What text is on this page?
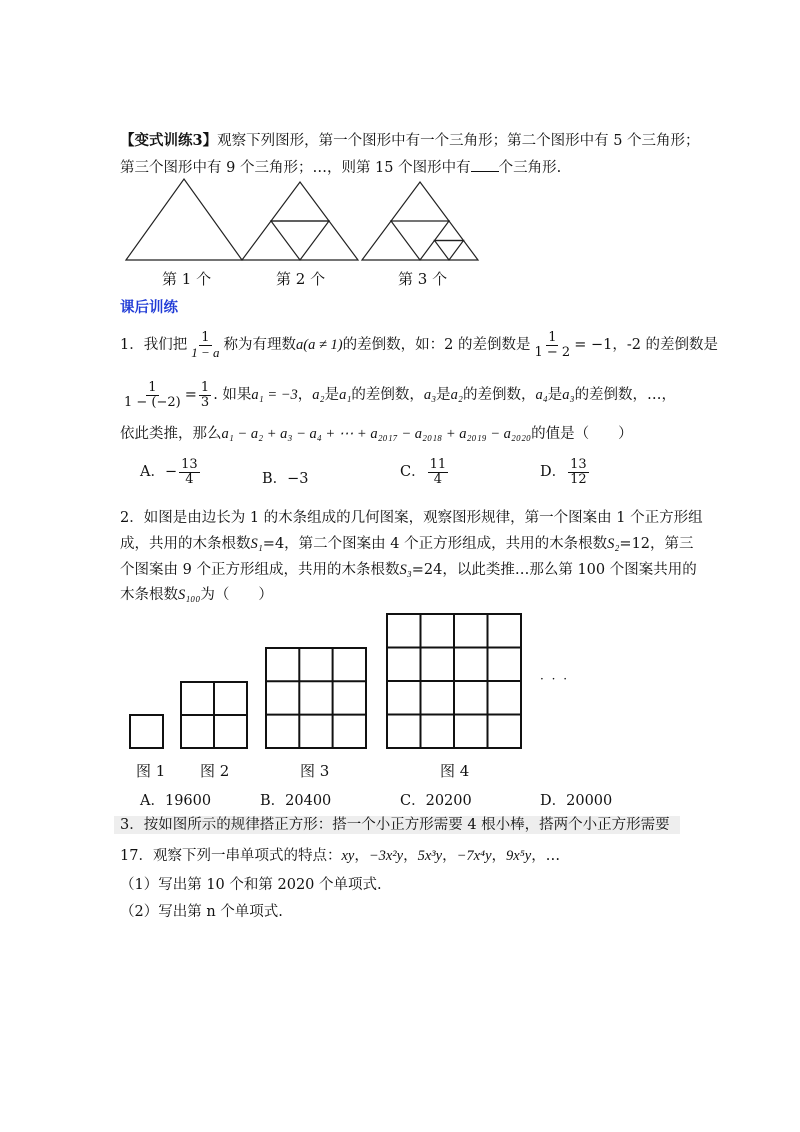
【变式训练3】观察下列图形，第一个图形中有一个三角形；第二个图形中有 5 个三角形；
第三个图形中有 9 个三角形；…，则第 15 个图形中有 个三角形.
第 1 个	第 2 个	第 3 个
课后训练
1．我们把 $\frac{1}{1 - a}$ 称为有理数a(a ≠ 1)的差倒数，如：2 的差倒数是 $\frac{1}{1 - 2} = -1$，-2 的差倒数是
$\frac{1}{1 - (-2)} = \frac{1}{3}$ . 如果a₁ = −3，a₂是a₁的差倒数，a₃是a₂的差倒数，a₄是a₃的差倒数，…，
依此类推，那么a₁ − a₂ + a₃ − a₄ + ⋯ + a₂₀₁₇ − a₂₀₁₈ + a₂₀₁₉ − a₂₀₂₀的值是（　　）
A．− $\frac{13}{4}$	B．−3	C． $\frac{11}{4}$	D． $\frac{13}{12}$
2．如图是由边长为 1 的木条组成的几何图案，观察图形规律，第一个图案由 1 个正方形组
成，共用的木条根数S₁=4，第二个图案由 4 个正方形组成，共用的木条根数S₂=12，第三
个图案由 9 个正方形组成，共用的木条根数S₃=24，以此类推…那么第 100 个图案共用的
木条根数S₁₀₀为（　　）
· · ·
图 1 图 2	图 3	图 4
A．19600	B．20400	C．20200	D．20000
3．按如图所示的规律搭正方形：搭一个小正方形需要 4 根小棒，搭两个小正方形需要
17．观察下列一串单项式的特点：xy，−3x²y，5x³y，−7x⁴y，9x⁵y，…
（1）写出第 10 个和第 2020 个单项式.
（2）写出第 n 个单项式.
